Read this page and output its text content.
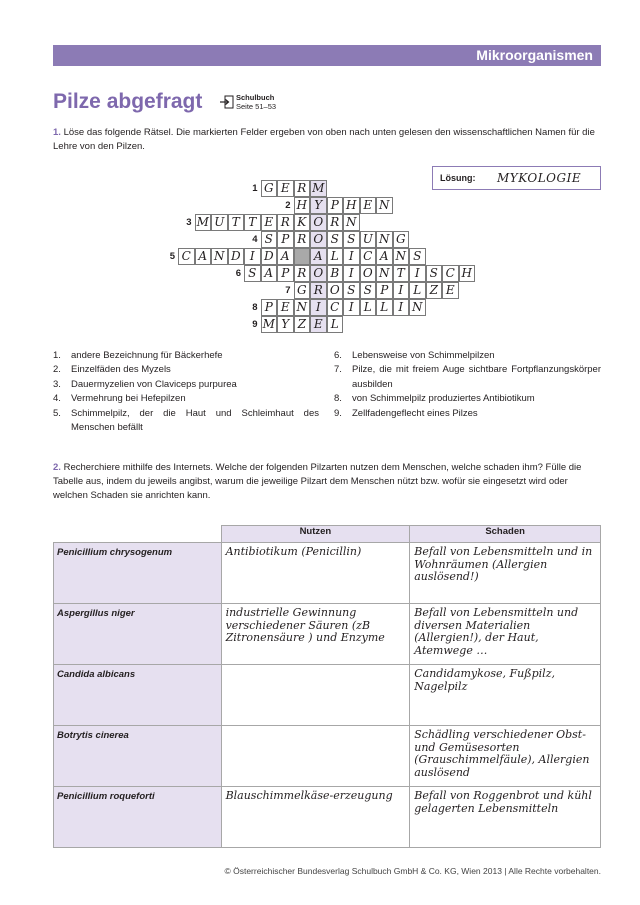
Mikroorganismen
Pilze abgefragt	Schulbuch
Seite 51–53
1. Löse das folgende Rätsel. Die markierten Felder ergeben von oben nach unten gelesen den wissenschaftlichen Namen für die Lehre von den Pilzen.
Lösung: MYKOLOGIE
1 G E R M
2 H Y P H E N
3 M U T T E R K O R N
4 S P R O S S U N G
5 C A N D I D A	A L I C A N S
6 S A P R O B I O N T I S C H
7 G R O S S P I L Z E
8 P E N I C I L L I N
9 M Y Z E L
1.	andere Bezeichnung für Bäckerhefe
2.	Einzelfäden des Myzels
3.	Dauermyzelien von Claviceps purpurea
4.	Vermehrung bei Hefepilzen
5.	Schimmelpilz, der die Haut und Schleimhaut des Menschen befällt
6.	Lebensweise von Schimmelpilzen
7.	Pilze, die mit freiem Auge sichtbare Fortpflanzungskörper ausbilden
8.	von Schimmelpilz produziertes Antibiotikum
9.	Zellfadengeflecht eines Pilzes
2. Recherchiere mithilfe des Internets. Welche der folgenden Pilzarten nutzen dem Menschen, welche schaden ihm? Fülle die Tabelle aus, indem du jeweils angibst, warum die jeweilige Pilzart dem Menschen nützt bzw. wofür sie eingesetzt wird oder welchen Schaden sie anrichten kann.
	Nutzen	Schaden
Penicillium chrysogenum	Antibiotikum (Penicillin)	Befall von Lebensmitteln und in Wohnräumen (Allergien auslösend!)
Aspergillus niger	industrielle Gewinnung verschiedener Säuren (zB Zitronensäure ) und Enzyme	Befall von Lebensmitteln und diversen Materialien (Allergien!), der Haut, Atemwege …
Candida albicans		Candidamykose, Fußpilz, Nagelpilz
Botrytis cinerea		Schädling verschiedener Obst- und Gemüsesorten (Grauschimmelfäule), Allergien auslösend
Penicillium roqueforti	Blauschimmelkäse-erzeugung	Befall von Roggenbrot und kühl gelagerten Lebensmitteln
© Österreichischer Bundesverlag Schulbuch GmbH & Co. KG, Wien 2013 | Alle Rechte vorbehalten.
